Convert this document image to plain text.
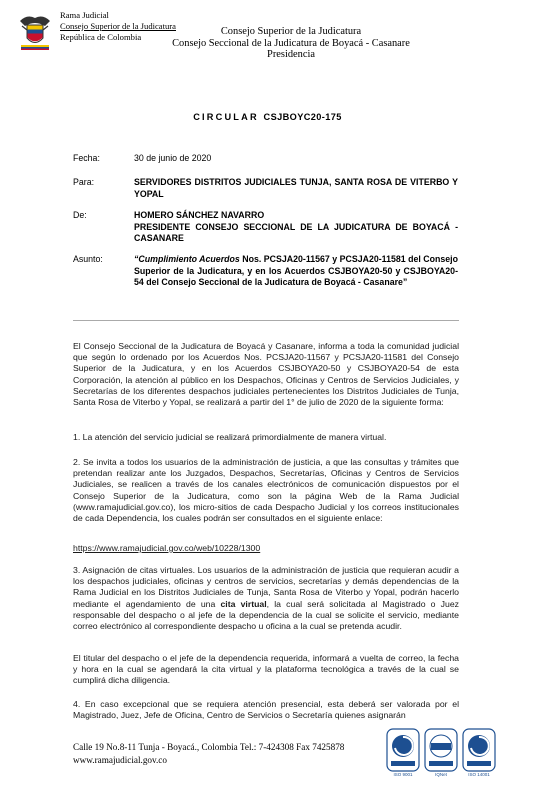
Rama Judicial
Consejo Superior de la Judicatura
República de Colombia	Consejo Superior de la Judicatura
Consejo Seccional de la Judicatura de Boyacá - Casanare
Presidencia
CIRCULAR CSJBOYC20-175
Fecha:	30 de junio de 2020
Para:	SERVIDORES DISTRITOS JUDICIALES TUNJA, SANTA ROSA DE VITERBO Y YOPAL
De:	HOMERO SÁNCHEZ NAVARRO
PRESIDENTE CONSEJO SECCIONAL DE LA JUDICATURA DE BOYACÁ - CASANARE
Asunto:	“Cumplimiento Acuerdos Nos. PCSJA20-11567 y PCSJA20-11581 del Consejo Superior de la Judicatura, y en los Acuerdos CSJBOYA20-50 y CSJBOYA20-54 del Consejo Seccional de la Judicatura de Boyacá - Casanare”
El Consejo Seccional de la Judicatura de Boyacá y Casanare, informa a toda la comunidad judicial que según lo ordenado por los Acuerdos Nos. PCSJA20-11567 y PCSJA20-11581 del Consejo Superior de la Judicatura, y en los Acuerdos CSJBOYA20-50 y CSJBOYA20-54 de esta Corporación, la atención al público en los Despachos, Oficinas y Centros de Servicios Judiciales, y Secretarías de los diferentes despachos judiciales pertenecientes los Distritos Judiciales de Tunja, Santa Rosa de Viterbo y Yopal, se realizará a partir del 1° de julio de 2020 de la siguiente forma:
1. La atención del servicio judicial se realizará primordialmente de manera virtual.
2. Se invita a todos los usuarios de la administración de justicia, a que las consultas y trámites que pretendan realizar ante los Juzgados, Despachos, Secretarías, Oficinas y Centros de Servicios Judiciales, se realicen a través de los canales electrónicos de comunicación dispuestos por el Consejo Superior de la Judicatura, como son la página Web de la Rama Judicial (www.ramajudicial.gov.co), los micro-sitios de cada Despacho Judicial y los correos institucionales de cada Dependencia, los cuales podrán ser consultados en el siguiente enlace:
https://www.ramajudicial.gov.co/web/10228/1300
3. Asignación de citas virtuales. Los usuarios de la administración de justicia que requieran acudir a los despachos judiciales, oficinas y centros de servicios, secretarías y demás dependencias de la Rama Judicial en los Distritos Judiciales de Tunja, Santa Rosa de Viterbo y Yopal, podrán hacerlo mediante el agendamiento de una cita virtual, la cual será solicitada al Magistrado o Juez responsable del despacho o al jefe de la dependencia de la cual se solicite el servicio, mediante correo electrónico al correspondiente despacho u oficina a la cual se pretenda acudir.
El titular del despacho o el jefe de la dependencia requerida, informará a vuelta de correo, la fecha y hora en la cual se agendará la cita virtual y la plataforma tecnológica a través de la cual se cumplirá dicha diligencia.
4. En caso excepcional que se requiera atención presencial, esta deberá ser valorada por el Magistrado, Juez, Jefe de Oficina, Centro de Servicios o Secretaría quienes asignarán
Calle 19 No.8-11 Tunja - Boyacá., Colombia Tel.: 7-424308 Fax 7425878
www.ramajudicial.gov.co
ISO 9001	IQNet	ISO 14001
